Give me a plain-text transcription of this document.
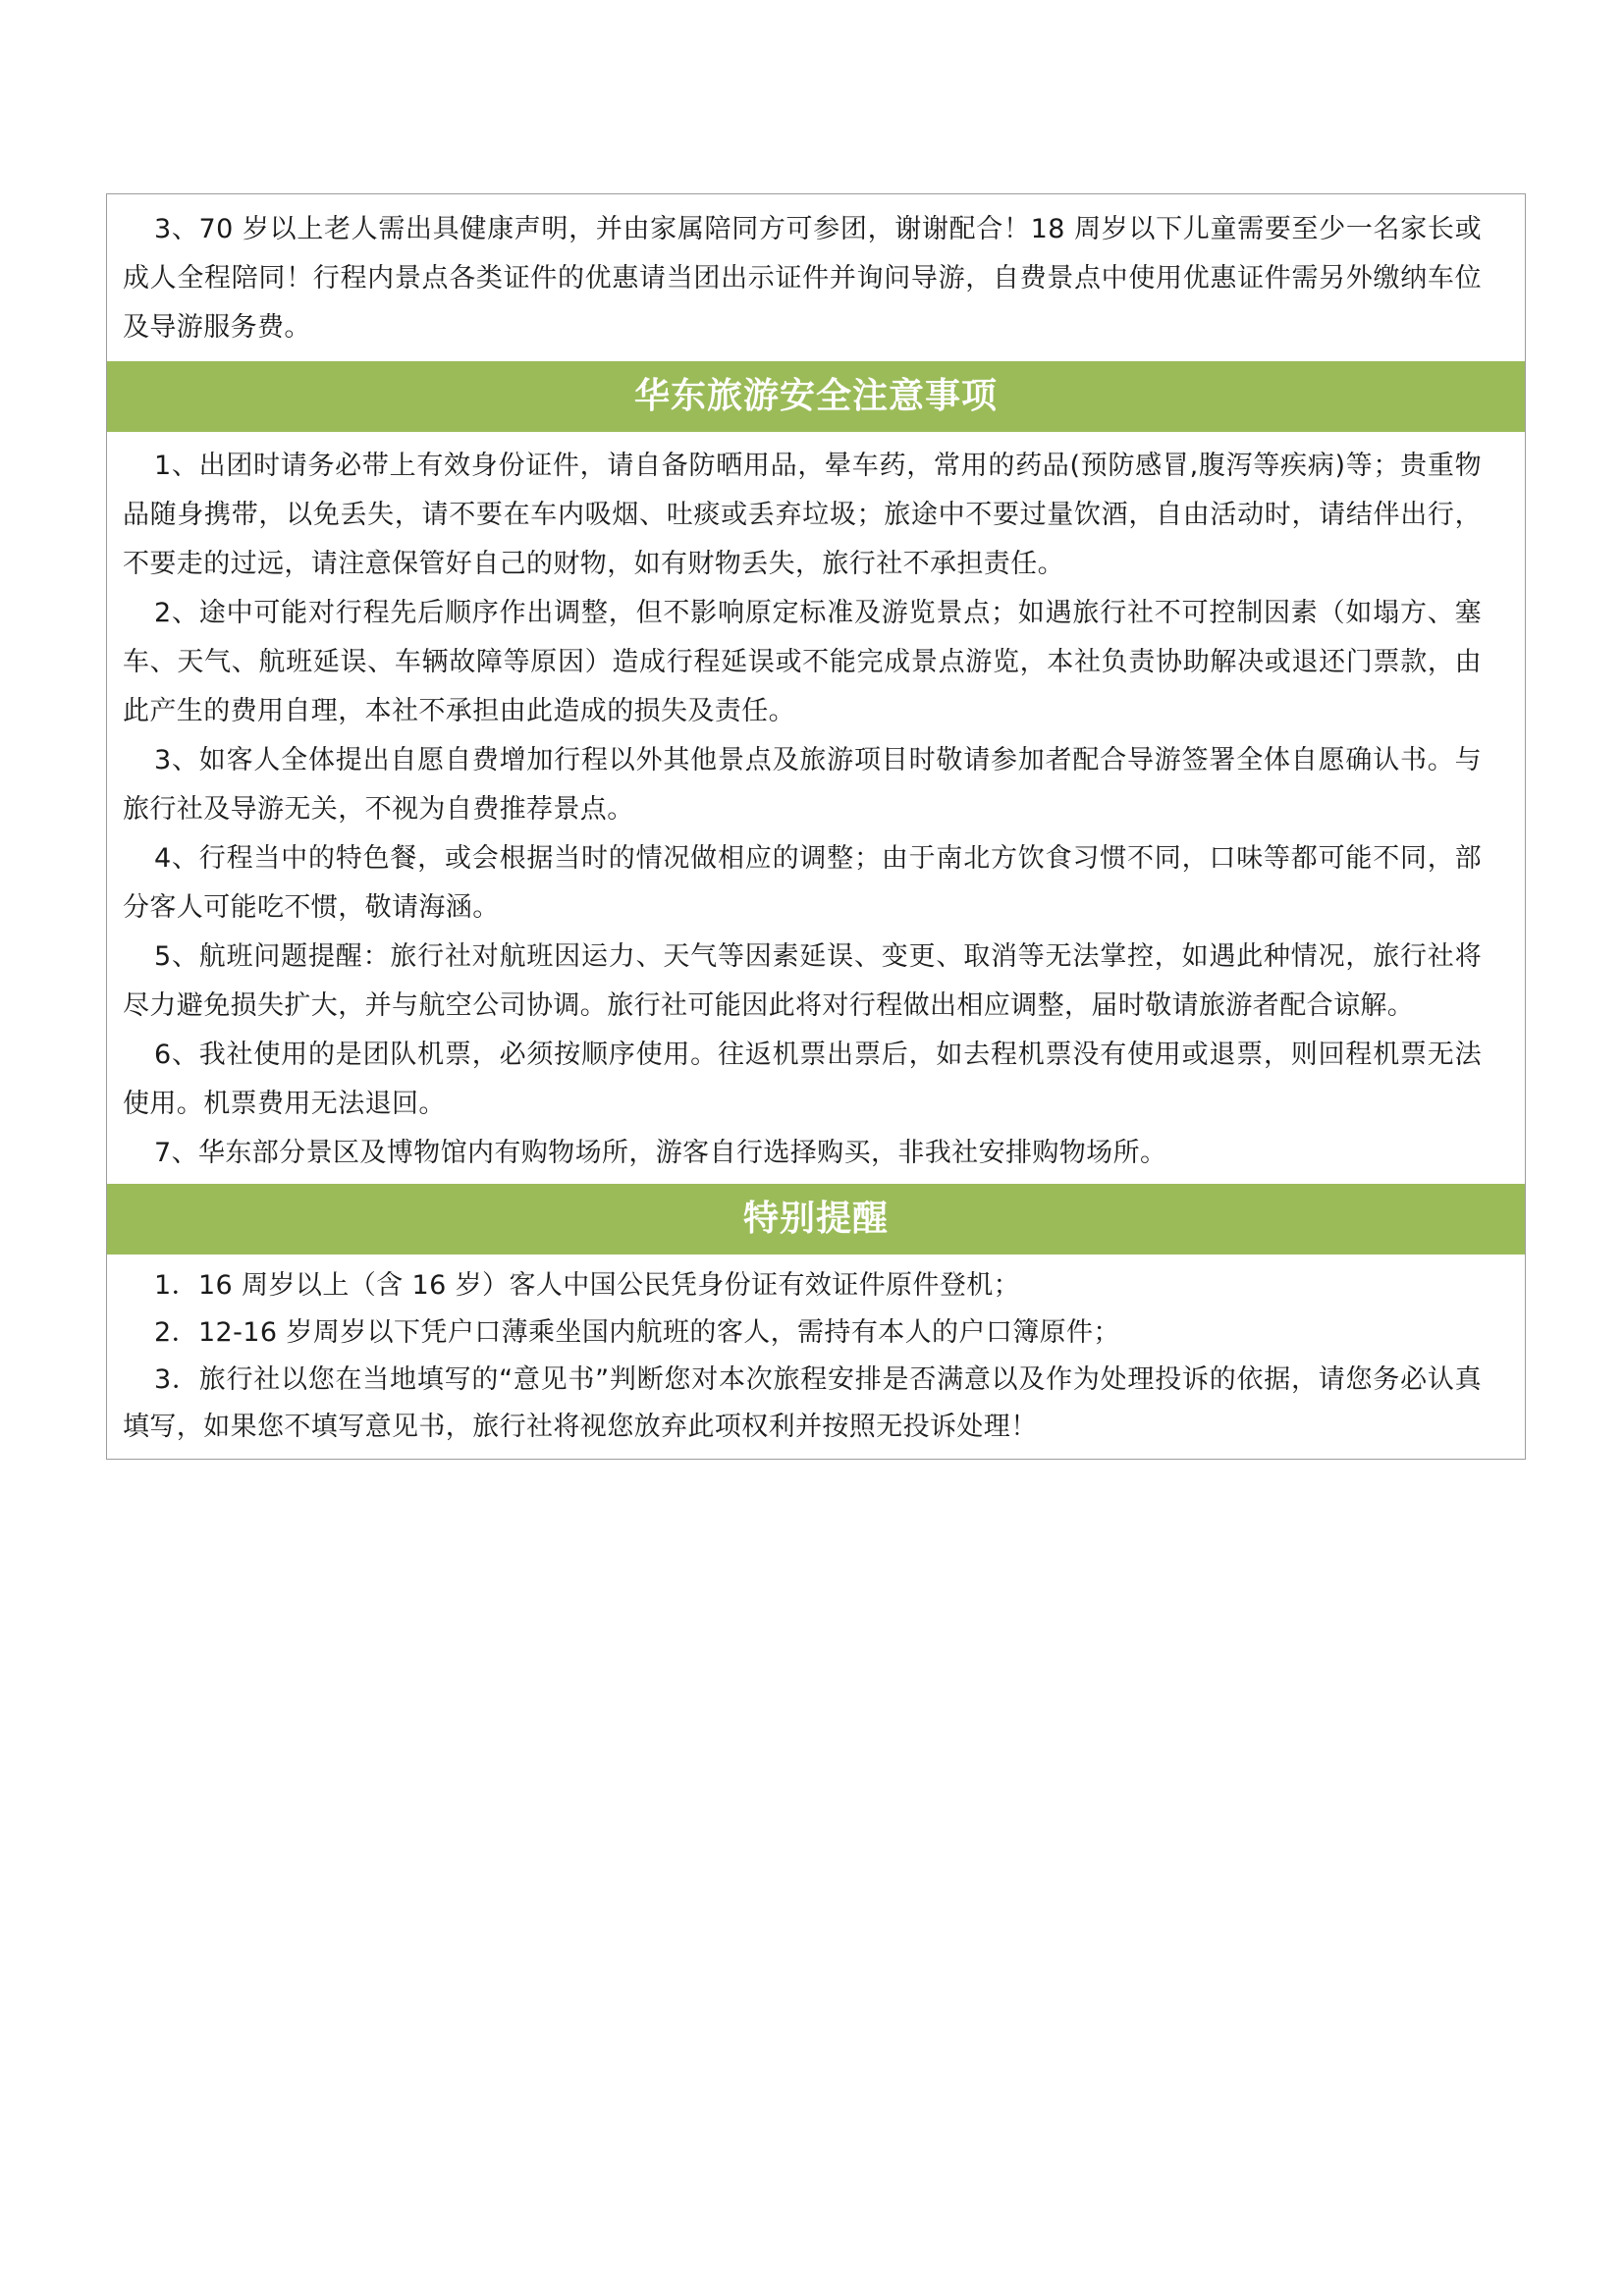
3、70 岁以上老人需出具健康声明，并由家属陪同方可参团，谢谢配合！18 周岁以下儿童需要至少一名家长或成人全程陪同！行程内景点各类证件的优惠请当团出示证件并询问导游，自费景点中使用优惠证件需另外缴纳车位及导游服务费。

华东旅游安全注意事项

1、出团时请务必带上有效身份证件，请自备防晒用品，晕车药，常用的药品(预防感冒,腹泻等疾病)等；贵重物品随身携带，以免丢失，请不要在车内吸烟、吐痰或丢弃垃圾；旅途中不要过量饮酒，自由活动时，请结伴出行，不要走的过远，请注意保管好自己的财物，如有财物丢失，旅行社不承担责任。

2、途中可能对行程先后顺序作出调整，但不影响原定标准及游览景点；如遇旅行社不可控制因素（如塌方、塞车、天气、航班延误、车辆故障等原因）造成行程延误或不能完成景点游览，本社负责协助解决或退还门票款，由此产生的费用自理，本社不承担由此造成的损失及责任。

3、如客人全体提出自愿自费增加行程以外其他景点及旅游项目时敬请参加者配合导游签署全体自愿确认书。与旅行社及导游无关，不视为自费推荐景点。

4、行程当中的特色餐，或会根据当时的情况做相应的调整；由于南北方饮食习惯不同，口味等都可能不同，部分客人可能吃不惯，敬请海涵。

5、航班问题提醒：旅行社对航班因运力、天气等因素延误、变更、取消等无法掌控，如遇此种情况，旅行社将尽力避免损失扩大，并与航空公司协调。旅行社可能因此将对行程做出相应调整，届时敬请旅游者配合谅解。

6、我社使用的是团队机票，必须按顺序使用。往返机票出票后，如去程机票没有使用或退票，则回程机票无法使用。机票费用无法退回。

7、华东部分景区及博物馆内有购物场所，游客自行选择购买，非我社安排购物场所。

特别提醒

1．16 周岁以上（含 16 岁）客人中国公民凭身份证有效证件原件登机；

2．12-16 岁周岁以下凭户口薄乘坐国内航班的客人，需持有本人的户口簿原件；

3．旅行社以您在当地填写的“意见书”判断您对本次旅程安排是否满意以及作为处理投诉的依据，请您务必认真填写，如果您不填写意见书，旅行社将视您放弃此项权利并按照无投诉处理！
